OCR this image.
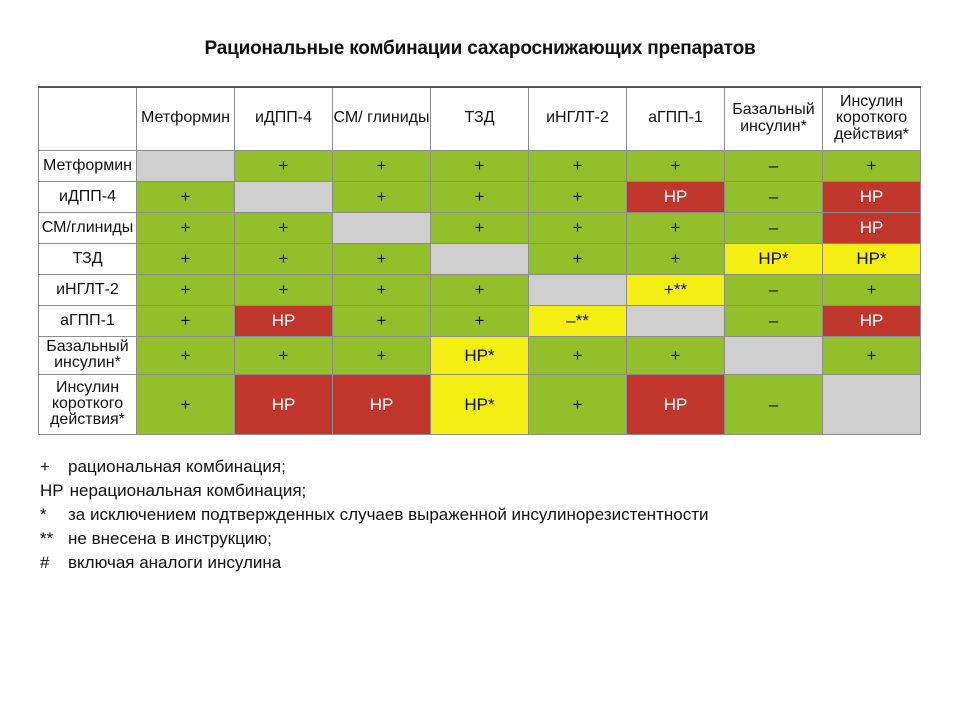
Рациональные комбинации сахароснижающих препаратов
	Метформин	иДПП-4	СМ/ глиниды	ТЗД	иНГЛТ-2	аГПП-1	Базальный инсулин*	Инсулин короткого действия*
Метформин		+	+	+	+	+	–	+
иДПП-4	+		+	+	+	НР	–	НР
СМ/глиниды	+	+		+	+	+	–	НР
ТЗД	+	+	+		+	+	НР*	НР*
иНГЛТ-2	+	+	+	+		+**	–	+
аГПП-1	+	НР	+	+	–**		–	НР
Базальный инсулин*	+	+	+	НР*	+	+		+
Инсулин короткого действия*	+	НР	НР	НР*	+	НР	–	
+	рациональная комбинация;
НР нерациональная комбинация;
*	за исключением подтвержденных случаев выраженной инсулинорезистентности
** не внесена в инструкцию;
#	включая аналоги инсулина
